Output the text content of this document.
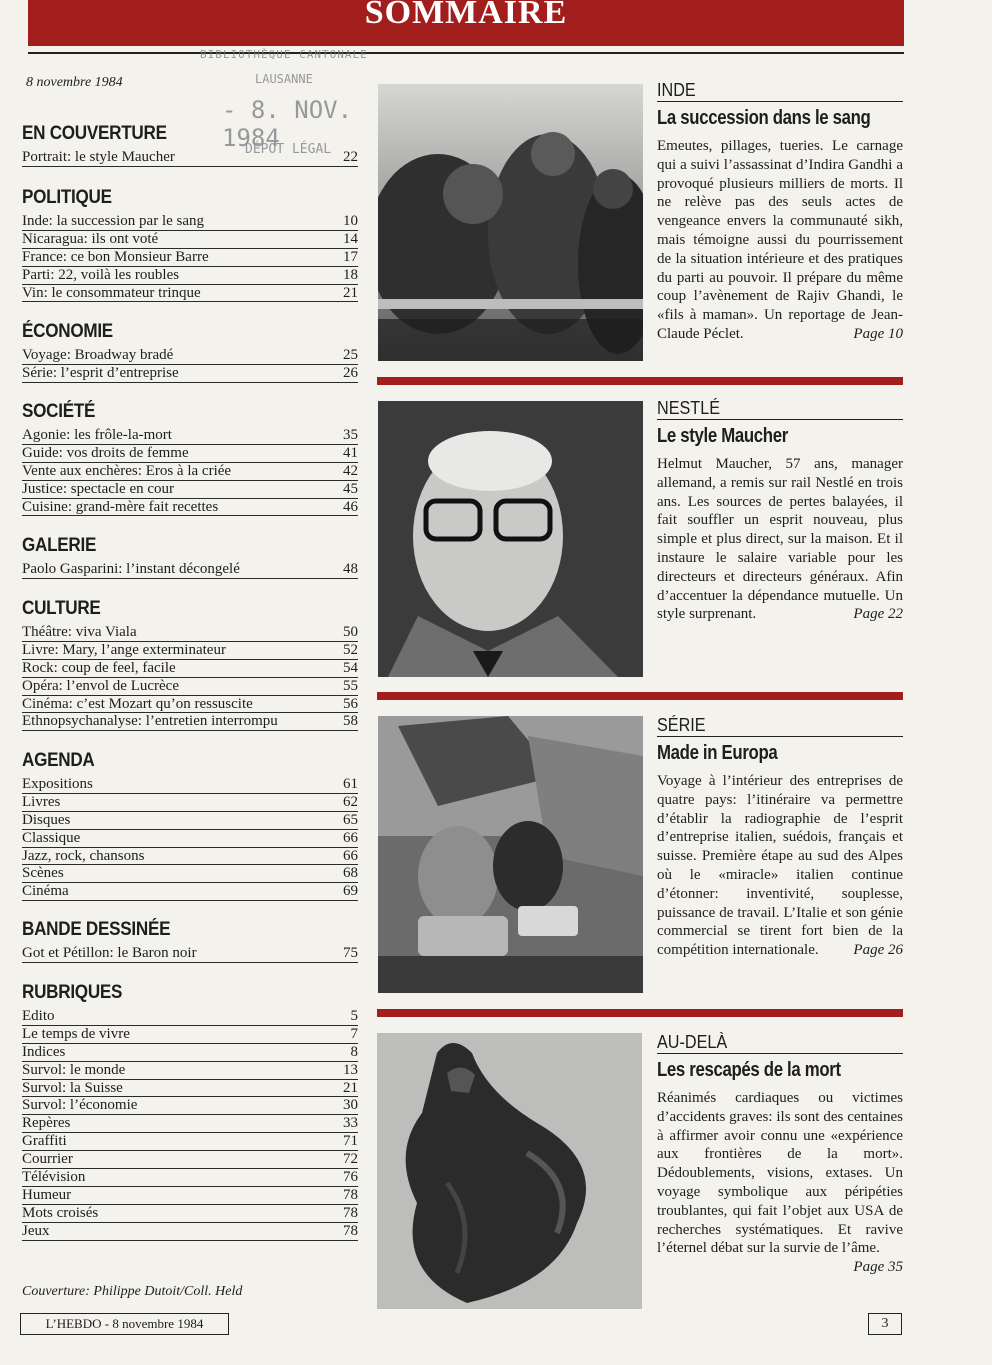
SOMMAIRE
8 novembre 1984
BIBLIOTHÈQUE CANTONALE
LAUSANNE
- 8. NOV. 1984
DÉPÔT LÉGAL
EN COUVERTURE
Portrait: le style Maucher	22
POLITIQUE
Inde: la succession par le sang	10
Nicaragua: ils ont voté	14
France: ce bon Monsieur Barre	17
Parti: 22, voilà les roubles	18
Vin: le consommateur trinque	21
ÉCONOMIE
Voyage: Broadway bradé	25
Série: l’esprit d’entreprise	26
SOCIÉTÉ
Agonie: les frôle-la-mort	35
Guide: vos droits de femme	41
Vente aux enchères: Eros à la criée	42
Justice: spectacle en cour	45
Cuisine: grand-mère fait recettes	46
GALERIE
Paolo Gasparini: l’instant décongelé	48
CULTURE
Théâtre: viva Viala	50
Livre: Mary, l’ange exterminateur	52
Rock: coup de feel, facile	54
Opéra: l’envol de Lucrèce	55
Cinéma: c’est Mozart qu’on ressuscite	56
Ethnopsychanalyse: l’entretien interrompu	58
AGENDA
Expositions	61
Livres	62
Disques	65
Classique	66
Jazz, rock, chansons	66
Scènes	68
Cinéma	69
BANDE DESSINÉE
Got et Pétillon: le Baron noir	75
RUBRIQUES
Edito	5
Le temps de vivre	7
Indices	8
Survol: le monde	13
Survol: la Suisse	21
Survol: l’économie	30
Repères	33
Graffiti	71
Courrier	72
Télévision	76
Humeur	78
Mots croisés	78
Jeux	78
Couverture: Philippe Dutoit/Coll. Held
L’HEBDO - 8 novembre 1984	3
INDE
La succession dans le sang
Emeutes, pillages, tueries. Le carnage qui a suivi l’assassinat d’Indira Gandhi a provoqué plusieurs milliers de morts. Il ne relève pas des seuls actes de vengeance envers la communauté sikh, mais témoigne aussi du pourrissement de la situation intérieure et des pratiques du parti au pouvoir. Il prépare du même coup l’avènement de Rajiv Ghandi, le «fils à maman». Un reportage de Jean-Claude Péclet.	Page 10
NESTLÉ
Le style Maucher
Helmut Maucher, 57 ans, manager allemand, a remis sur rail Nestlé en trois ans. Les sources de pertes balayées, il fait souffler un esprit nouveau, plus simple et plus direct, sur la maison. Et il instaure le salaire variable pour les directeurs et directeurs généraux. Afin d’accentuer la dépendance mutuelle. Un style surprenant.	Page 22
SÉRIE
Made in Europa
Voyage à l’intérieur des entreprises de quatre pays: l’itinéraire va permettre d’établir la radiographie de l’esprit d’entreprise italien, suédois, français et suisse. Première étape au sud des Alpes où le «miracle» italien continue d’étonner: inventivité, souplesse, puissance de travail. L’Italie et son génie commercial se tirent fort bien de la compétition internationale. Page 26
AU-DELÀ
Les rescapés de la mort
Réanimés cardiaques ou victimes d’accidents graves: ils sont des centaines à affirmer avoir connu une «expérience aux frontières de la mort». Dédoublements, visions, extases. Un voyage symbolique aux péripéties troublantes, qui fait l’objet aux USA de recherches systématiques. Et ravive l’éternel débat sur la survie de l’âme.
Page 35
